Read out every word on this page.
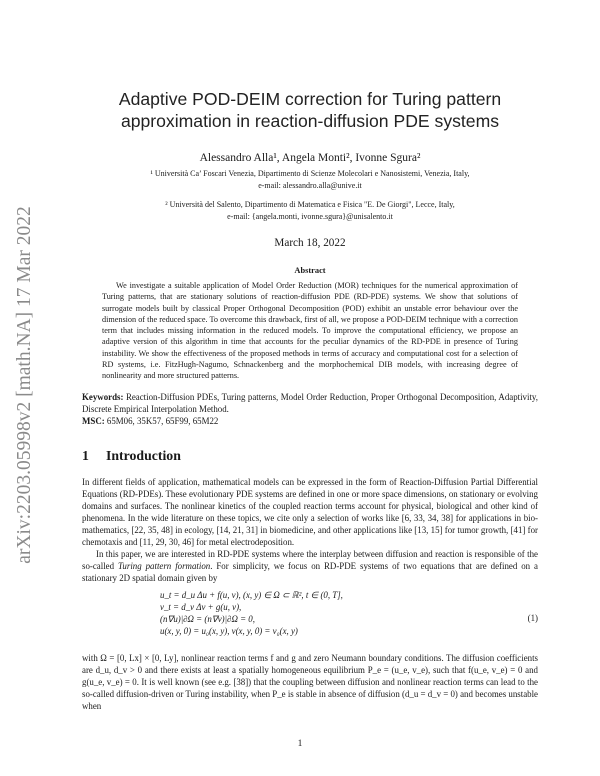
arXiv:2203.05998v2 [math.NA] 17 Mar 2022
Adaptive POD-DEIM correction for Turing pattern approximation in reaction-diffusion PDE systems
Alessandro Alla¹, Angela Monti², Ivonne Sgura²
¹ Università Ca’ Foscari Venezia, Dipartimento di Scienze Molecolari e Nanosistemi, Venezia, Italy,
e-mail: alessandro.alla@unive.it
² Università del Salento, Dipartimento di Matematica e Fisica "E. De Giorgi", Lecce, Italy,
e-mail: {angela.monti, ivonne.sgura}@unisalento.it
March 18, 2022
Abstract
We investigate a suitable application of Model Order Reduction (MOR) techniques for the numerical approximation of Turing patterns, that are stationary solutions of reaction-diffusion PDE (RD-PDE) systems. We show that solutions of surrogate models built by classical Proper Orthogonal Decomposition (POD) exhibit an unstable error behaviour over the dimension of the reduced space. To overcome this drawback, first of all, we propose a POD-DEIM technique with a correction term that includes missing information in the reduced models. To improve the computational efficiency, we propose an adaptive version of this algorithm in time that accounts for the peculiar dynamics of the RD-PDE in presence of Turing instability. We show the effectiveness of the proposed methods in terms of accuracy and computational cost for a selection of RD systems, i.e. FitzHugh-Nagumo, Schnackenberg and the morphochemical DIB models, with increasing degree of nonlinearity and more structured patterns.
Keywords: Reaction-Diffusion PDEs, Turing patterns, Model Order Reduction, Proper Orthogonal Decomposition, Adaptivity, Discrete Empirical Interpolation Method.
MSC: 65M06, 35K57, 65F99, 65M22
1 Introduction
In different fields of application, mathematical models can be expressed in the form of Reaction-Diffusion Partial Differential Equations (RD-PDEs). These evolutionary PDE systems are defined in one or more space dimensions, on stationary or evolving domains and surfaces. The nonlinear kinetics of the coupled reaction terms account for physical, biological and other kind of phenomena. In the wide literature on these topics, we cite only a selection of works like [6, 33, 34, 38] for applications in bio-mathematics, [22, 35, 48] in ecology, [14, 21, 31] in biomedicine, and other applications like [13, 15] for tumor growth, [41] for chemotaxis and [11, 29, 30, 46] for metal electrodeposition.
In this paper, we are interested in RD-PDE systems where the interplay between diffusion and reaction is responsible of the so-called Turing pattern formation. For simplicity, we focus on RD-PDE systems of two equations that are defined on a stationary 2D spatial domain given by
u_t = d_u Δu + f(u, v), (x, y) ∈ Ω ⊂ ℝ², t ∈ (0, T],
v_t = d_v Δv + g(u, v),
(n∇u)|∂Ω = (n∇v)|∂Ω = 0,
u(x, y, 0) = u₀(x, y), v(x, y, 0) = v₀(x, y)
(1)
with Ω = [0, Lx] × [0, Ly], nonlinear reaction terms f and g and zero Neumann boundary conditions. The diffusion coefficients are d_u, d_v > 0 and there exists at least a spatially homogeneous equilibrium P_e = (u_e, v_e), such that f(u_e, v_e) = 0 and g(u_e, v_e) = 0. It is well known (see e.g. [38]) that the coupling between diffusion and nonlinear reaction terms can lead to the so-called diffusion-driven or Turing instability, when P_e is stable in absence of diffusion (d_u = d_v = 0) and becomes unstable when
1
